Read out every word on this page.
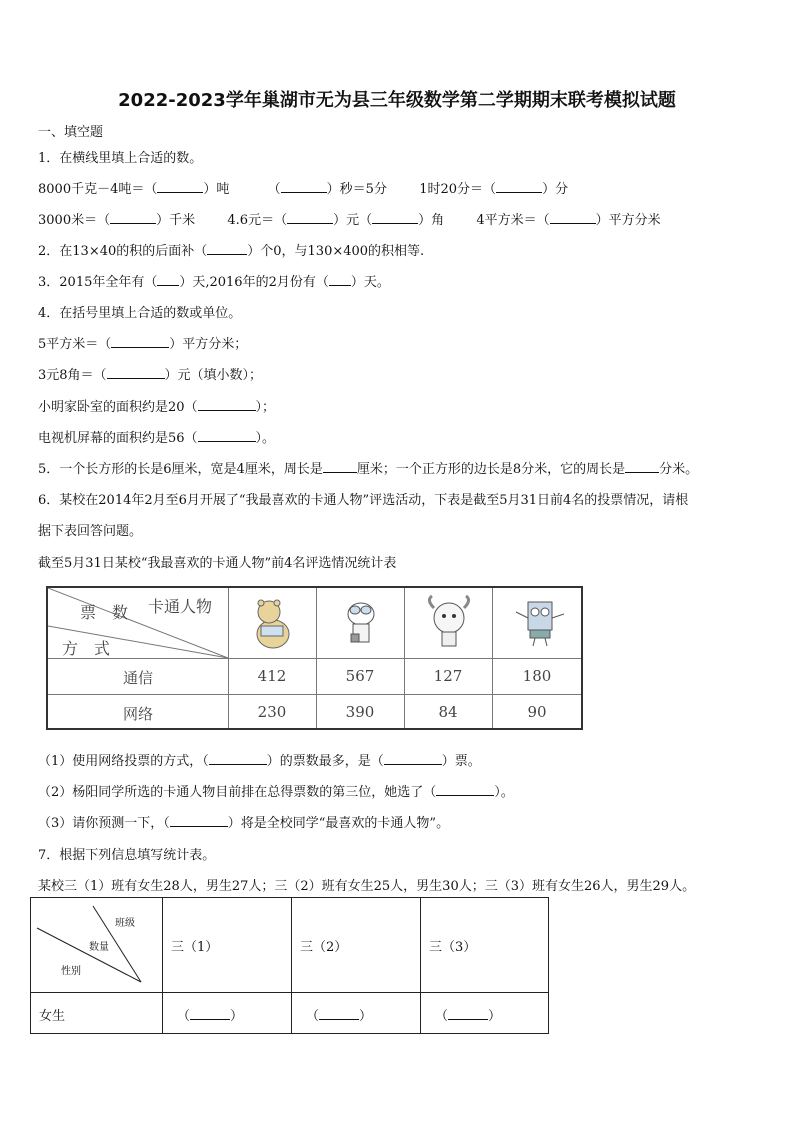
2022-2023学年巢湖市无为县三年级数学第二学期期末联考模拟试题
一、填空题
1．在横线里填上合适的数。
8000千克－4吨＝（	）吨	（	）秒＝5分 1时20分＝（	）分
3000米＝（	）千米 4.6元＝（	）元（	）角 4平方米＝（	）平方分米
2．在13×40的积的后面补（	）个0，与130×400的积相等.
3．2015年全年有（ ）天,2016年的2月份有（ ）天。
4．在括号里填上合适的数或单位。
5平方米＝（	）平方分米；
3元8角＝（	）元（填小数）；
小明家卧室的面积约是20（	）；
电视机屏幕的面积约是56（	）。
5．一个长方形的长是6厘米，宽是4厘米，周长是	厘米；一个正方形的边长是8分米，它的周长是	分米。
6．某校在2014年2月至6月开展了“我最喜欢的卡通人物”评选活动，下表是截至5月31日前4名的投票情况，请根
据下表回答问题。
截至5月31日某校“我最喜欢的卡通人物”前4名评选情况统计表
卡通人物
票　数
方　式
通信	412	567	127	180
网络	230	390	84	90
（1）使用网络投票的方式，（	）的票数最多，是（	）票。
（2）杨阳同学所选的卡通人物目前排在总得票数的第三位，她选了（	）。
（3）请你预测一下，（	）将是全校同学“最喜欢的卡通人物”。
7．根据下列信息填写统计表。
某校三（1）班有女生28人，男生27人；三（2）班有女生25人，男生30人；三（3）班有女生26人，男生29人。
班级
数量
性别
三（1）	三（2）	三（3）
女生	（	）	（	）	（	）
